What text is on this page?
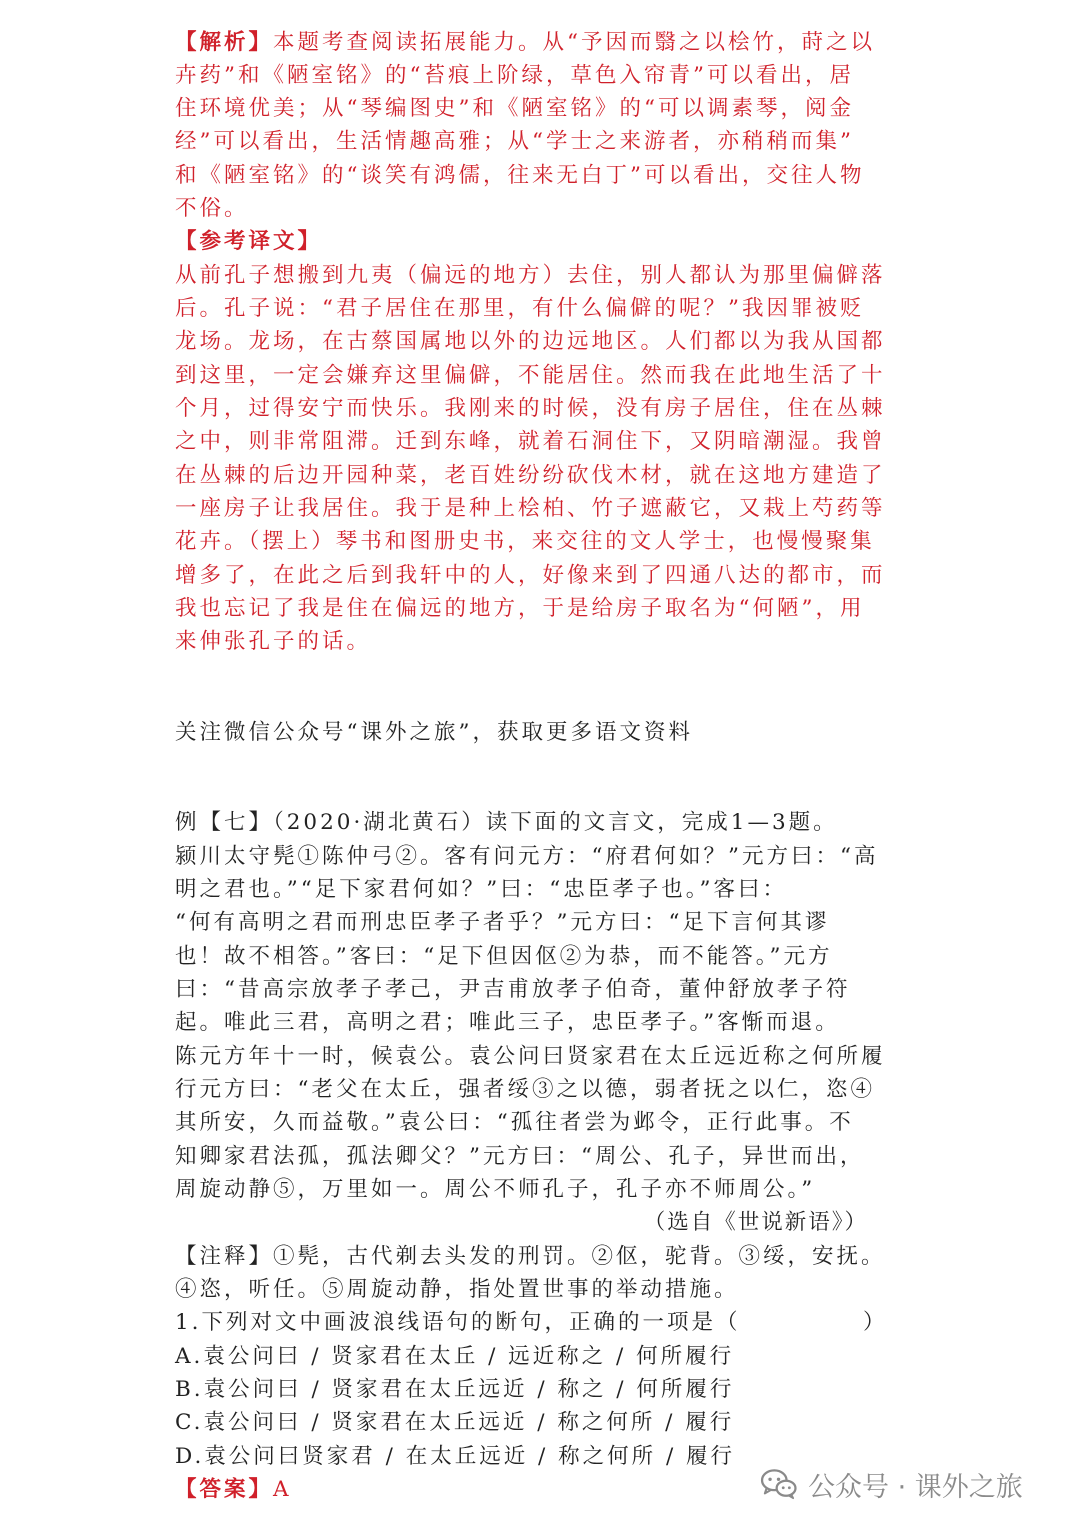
【解析】本题考查阅读拓展能力。从“予因而翳之以桧竹，莳之以
卉药”和《陋室铭》的“苔痕上阶绿，草色入帘青”可以看出，居
住环境优美；从“琴编图史”和《陋室铭》的“可以调素琴，阅金
经”可以看出，生活情趣高雅；从“学士之来游者，亦稍稍而集”
和《陋室铭》的“谈笑有鸿儒，往来无白丁”可以看出，交往人物
不俗。
【参考译文】
从前孔子想搬到九夷（偏远的地方）去住，别人都认为那里偏僻落
后。孔子说：“君子居住在那里，有什么偏僻的呢？”我因罪被贬
龙场。龙场，在古蔡国属地以外的边远地区。人们都以为我从国都
到这里，一定会嫌弃这里偏僻，不能居住。然而我在此地生活了十
个月，过得安宁而快乐。我刚来的时候，没有房子居住，住在丛棘
之中，则非常阻滞。迁到东峰，就着石洞住下，又阴暗潮湿。我曾
在丛棘的后边开园种菜，老百姓纷纷砍伐木材，就在这地方建造了
一座房子让我居住。我于是种上桧柏、竹子遮蔽它，又栽上芍药等
花卉。（摆上）琴书和图册史书，来交往的文人学士，也慢慢聚集
增多了，在此之后到我轩中的人，好像来到了四通八达的都市，而
我也忘记了我是住在偏远的地方，于是给房子取名为“何陋”，用
来伸张孔子的话。
关注微信公众号“课外之旅”，获取更多语文资料
例【七】（2020·湖北黄石）读下面的文言文，完成1—3题。
颍川太守髡①陈仲弓②。客有问元方：“府君何如？”元方曰：“高
明之君也。”“足下家君何如？”曰：“忠臣孝子也。”客曰：
“何有高明之君而刑忠臣孝子者乎？”元方曰：“足下言何其谬
也！故不相答。”客曰：“足下但因伛②为恭，而不能答。”元方
曰：“昔高宗放孝子孝己，尹吉甫放孝子伯奇，董仲舒放孝子符
起。唯此三君，高明之君；唯此三子，忠臣孝子。”客惭而退。
陈元方年十一时，候袁公。袁公问曰贤家君在太丘远近称之何所履
行元方曰：“老父在太丘，强者绥③之以德，弱者抚之以仁，恣④
其所安，久而益敬。”袁公曰：“孤往者尝为邺令，正行此事。不
知卿家君法孤，孤法卿父？”元方曰：“周公、孔子，异世而出，
周旋动静⑤，万里如一。周公不师孔子，孔子亦不师周公。”
（选自《世说新语》）
【注释】①髡，古代剃去头发的刑罚。②伛，驼背。③绥，安抚。
④恣，听任。⑤周旋动静，指处置世事的举动措施。
1.下列对文中画波浪线语句的断句，正确的一项是（　　　　　）
A.袁公问曰 / 贤家君在太丘 / 远近称之 / 何所履行
B.袁公问曰 / 贤家君在太丘远近 / 称之 / 何所履行
C.袁公问曰 / 贤家君在太丘远近 / 称之何所 / 履行
D.袁公问曰贤家君 / 在太丘远近 / 称之何所 / 履行
【答案】A	公众号 · 课外之旅
